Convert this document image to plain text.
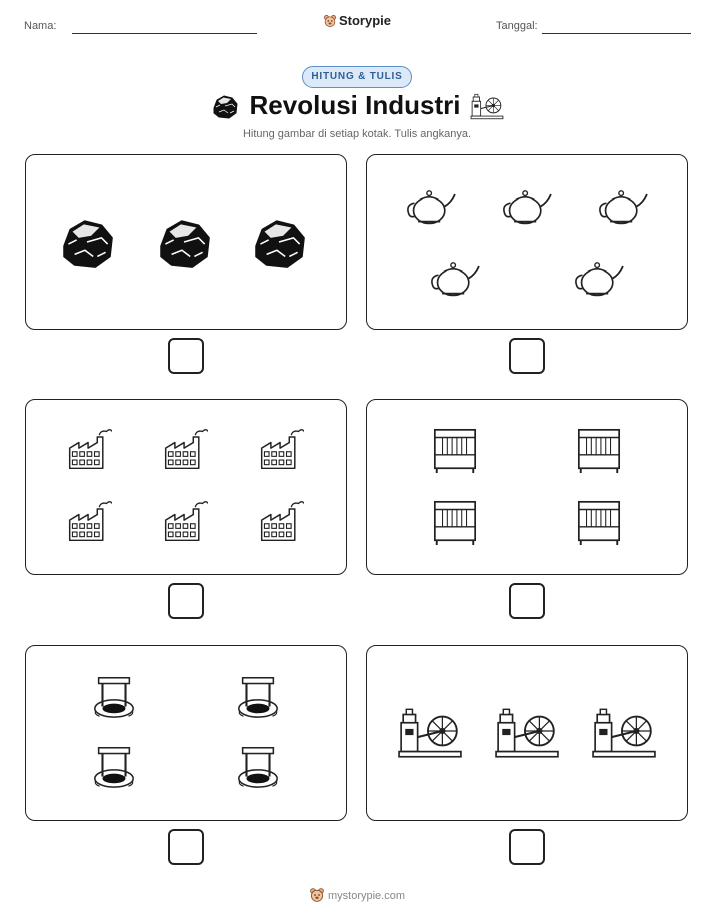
Nama:	Storypie	Tanggal:
HITUNG & TULIS
Revolusi Industri
Hitung gambar di setiap kotak. Tulis angkanya.
mystorypie.com
